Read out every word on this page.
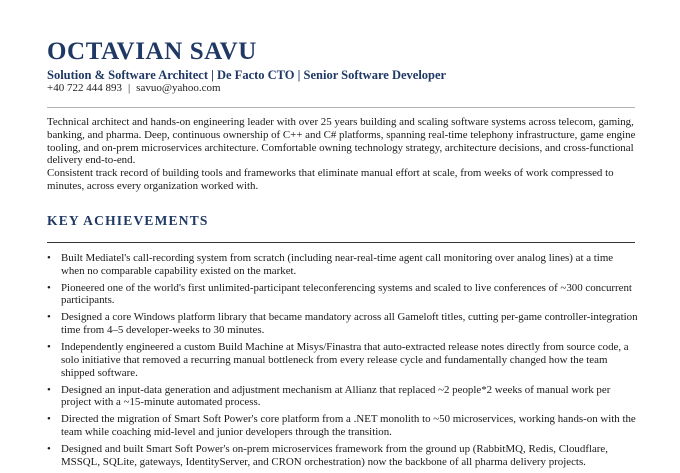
OCTAVIAN SAVU
Solution & Software Architect | De Facto CTO | Senior Software Developer
+40 722 444 893 | savuo@yahoo.com

Technical architect and hands-on engineering leader with over 25 years building and scaling software systems across telecom, gaming, banking, and pharma. Deep, continuous ownership of C++ and C# platforms, spanning real-time telephony infrastructure, game engine tooling, and on-prem microservices architecture. Comfortable owning technology strategy, architecture decisions, and cross-functional delivery end-to-end.

Consistent track record of building tools and frameworks that eliminate manual effort at scale, from weeks of work compressed to minutes, across every organization worked with.

KEY ACHIEVEMENTS
• Built Mediatel's call-recording system from scratch (including near-real-time agent call monitoring over analog lines) at a time when no comparable capability existed on the market.
• Pioneered one of the world's first unlimited-participant teleconferencing systems and scaled to live conferences of ~300 concurrent participants.
• Designed a core Windows platform library that became mandatory across all Gameloft titles, cutting per-game controller-integration time from 4–5 developer-weeks to 30 minutes.
• Independently engineered a custom Build Machine at Misys/Finastra that auto-extracted release notes directly from source code, a solo initiative that removed a recurring manual bottleneck from every release cycle and fundamentally changed how the team shipped software.
• Designed an input-data generation and adjustment mechanism at Allianz that replaced ~2 people*2 weeks of manual work per project with a ~15-minute automated process.
• Directed the migration of Smart Soft Power's core platform from a .NET monolith to ~50 microservices, working hands-on with the team while coaching mid-level and junior developers through the transition.
• Designed and built Smart Soft Power's on-prem microservices framework from the ground up (RabbitMQ, Redis, Cloudflare, MSSQL, SQLite, gateways, IdentityServer, and CRON orchestration) now the backbone of all pharma delivery projects.
